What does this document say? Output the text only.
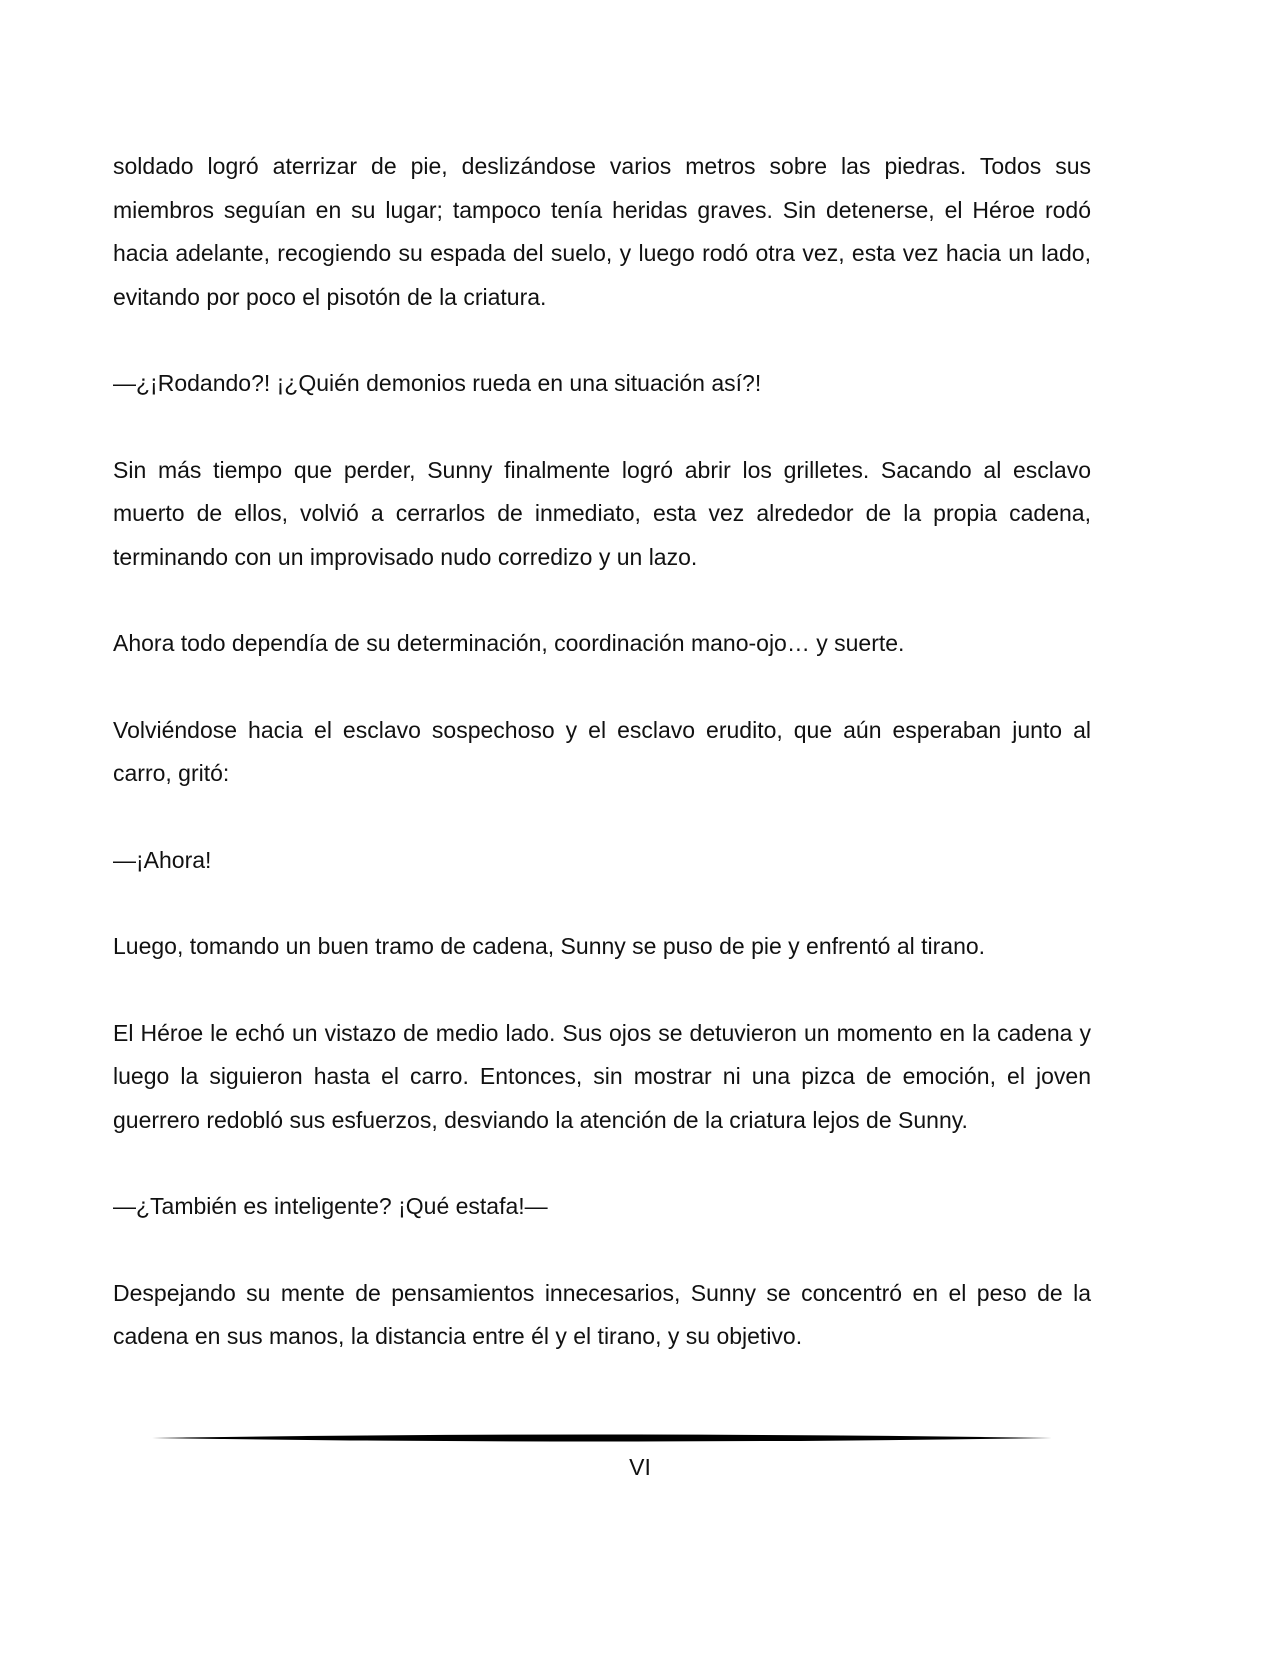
soldado logró aterrizar de pie, deslizándose varios metros sobre las piedras. Todos sus miembros seguían en su lugar; tampoco tenía heridas graves. Sin detenerse, el Héroe rodó hacia adelante, recogiendo su espada del suelo, y luego rodó otra vez, esta vez hacia un lado, evitando por poco el pisotón de la criatura.

—¿¡Rodando?! ¡¿Quién demonios rueda en una situación así?!

Sin más tiempo que perder, Sunny finalmente logró abrir los grilletes. Sacando al esclavo muerto de ellos, volvió a cerrarlos de inmediato, esta vez alrededor de la propia cadena, terminando con un improvisado nudo corredizo y un lazo.

Ahora todo dependía de su determinación, coordinación mano-ojo… y suerte.

Volviéndose hacia el esclavo sospechoso y el esclavo erudito, que aún esperaban junto al carro, gritó:

—¡Ahora!

Luego, tomando un buen tramo de cadena, Sunny se puso de pie y enfrentó al tirano.

El Héroe le echó un vistazo de medio lado. Sus ojos se detuvieron un momento en la cadena y luego la siguieron hasta el carro. Entonces, sin mostrar ni una pizca de emoción, el joven guerrero redobló sus esfuerzos, desviando la atención de la criatura lejos de Sunny.

—¿También es inteligente? ¡Qué estafa!—

Despejando su mente de pensamientos innecesarios, Sunny se concentró en el peso de la cadena en sus manos, la distancia entre él y el tirano, y su objetivo.

VI
